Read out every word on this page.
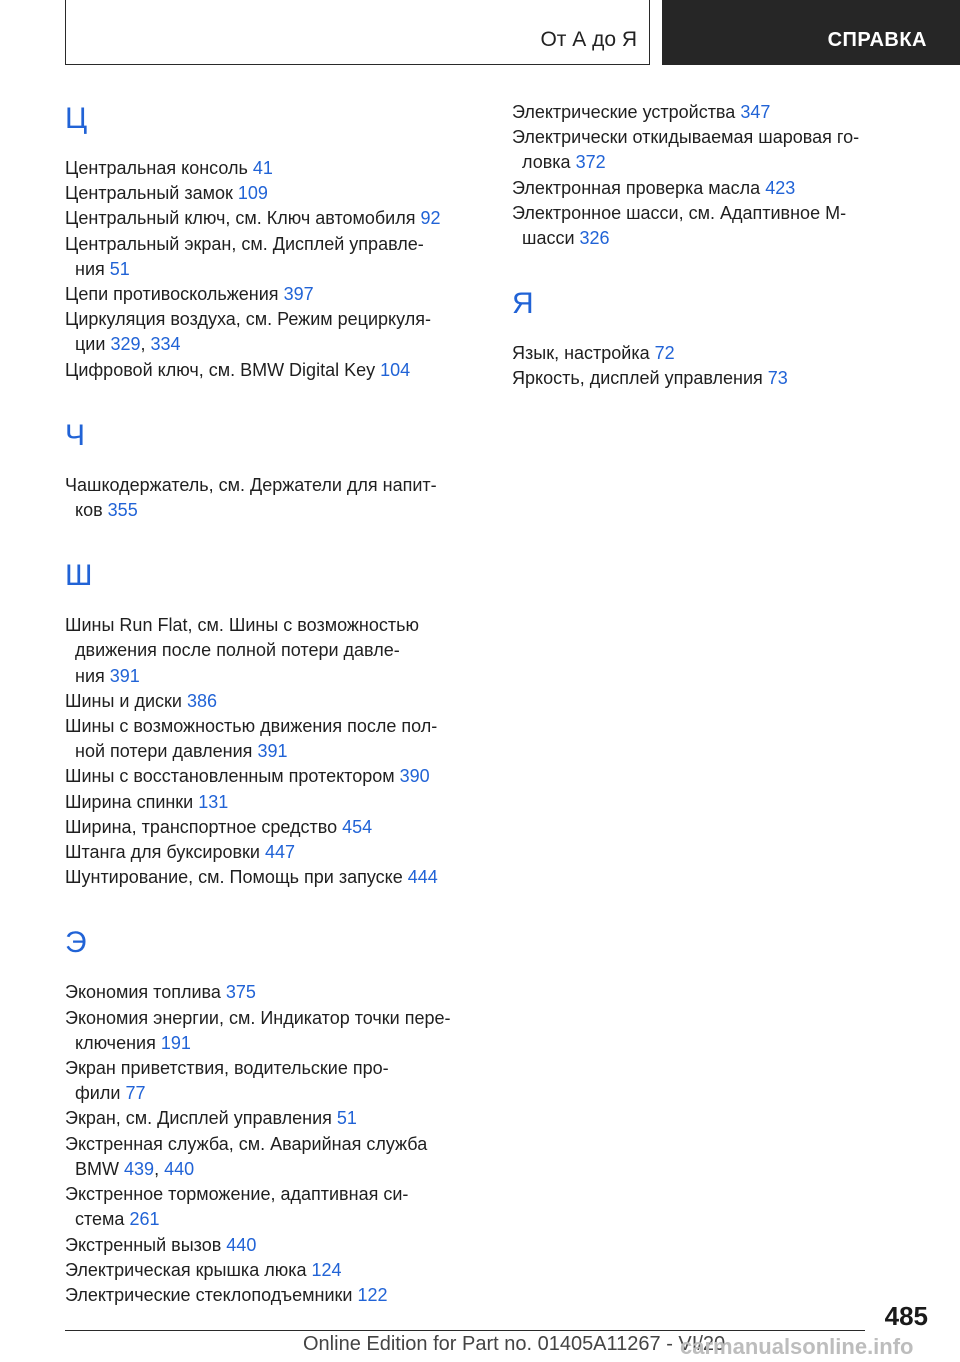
От А до Я	СПРАВКА
Ц
Центральная консоль 41
Центральный замок 109
Центральный ключ, см. Ключ автомобиля 92
Центральный экран, см. Дисплей управле-
ния 51
Цепи противоскольжения 397
Циркуляция воздуха, см. Режим рециркуля-
ции 329, 334
Цифровой ключ, см. BMW Digital Key 104
Ч
Чашкодержатель, см. Держатели для напит-
ков 355
Ш
Шины Run Flat, см. Шины с возможностью
движения после полной потери давле-
ния 391
Шины и диски 386
Шины с возможностью движения после пол-
ной потери давления 391
Шины с восстановленным протектором 390
Ширина спинки 131
Ширина, транспортное средство 454
Штанга для буксировки 447
Шунтирование, см. Помощь при запуске 444
Э
Экономия топлива 375
Экономия энергии, см. Индикатор точки пере-
ключения 191
Экран приветствия, водительские про-
фили 77
Экран, см. Дисплей управления 51
Экстренная служба, см. Аварийная служба
BMW 439, 440
Экстренное торможение, адаптивная си-
стема 261
Экстренный вызов 440
Электрическая крышка люка 124
Электрические стеклоподъемники 122
Электрические устройства 347
Электрически откидываемая шаровая го-
ловка 372
Электронная проверка масла 423
Электронное шасси, см. Адаптивное М-
шасси 326
Я
Язык, настройка 72
Яркость, дисплей управления 73
485
Online Edition for Part no. 01405A11267 - VI/20
carmanualsonline.info
